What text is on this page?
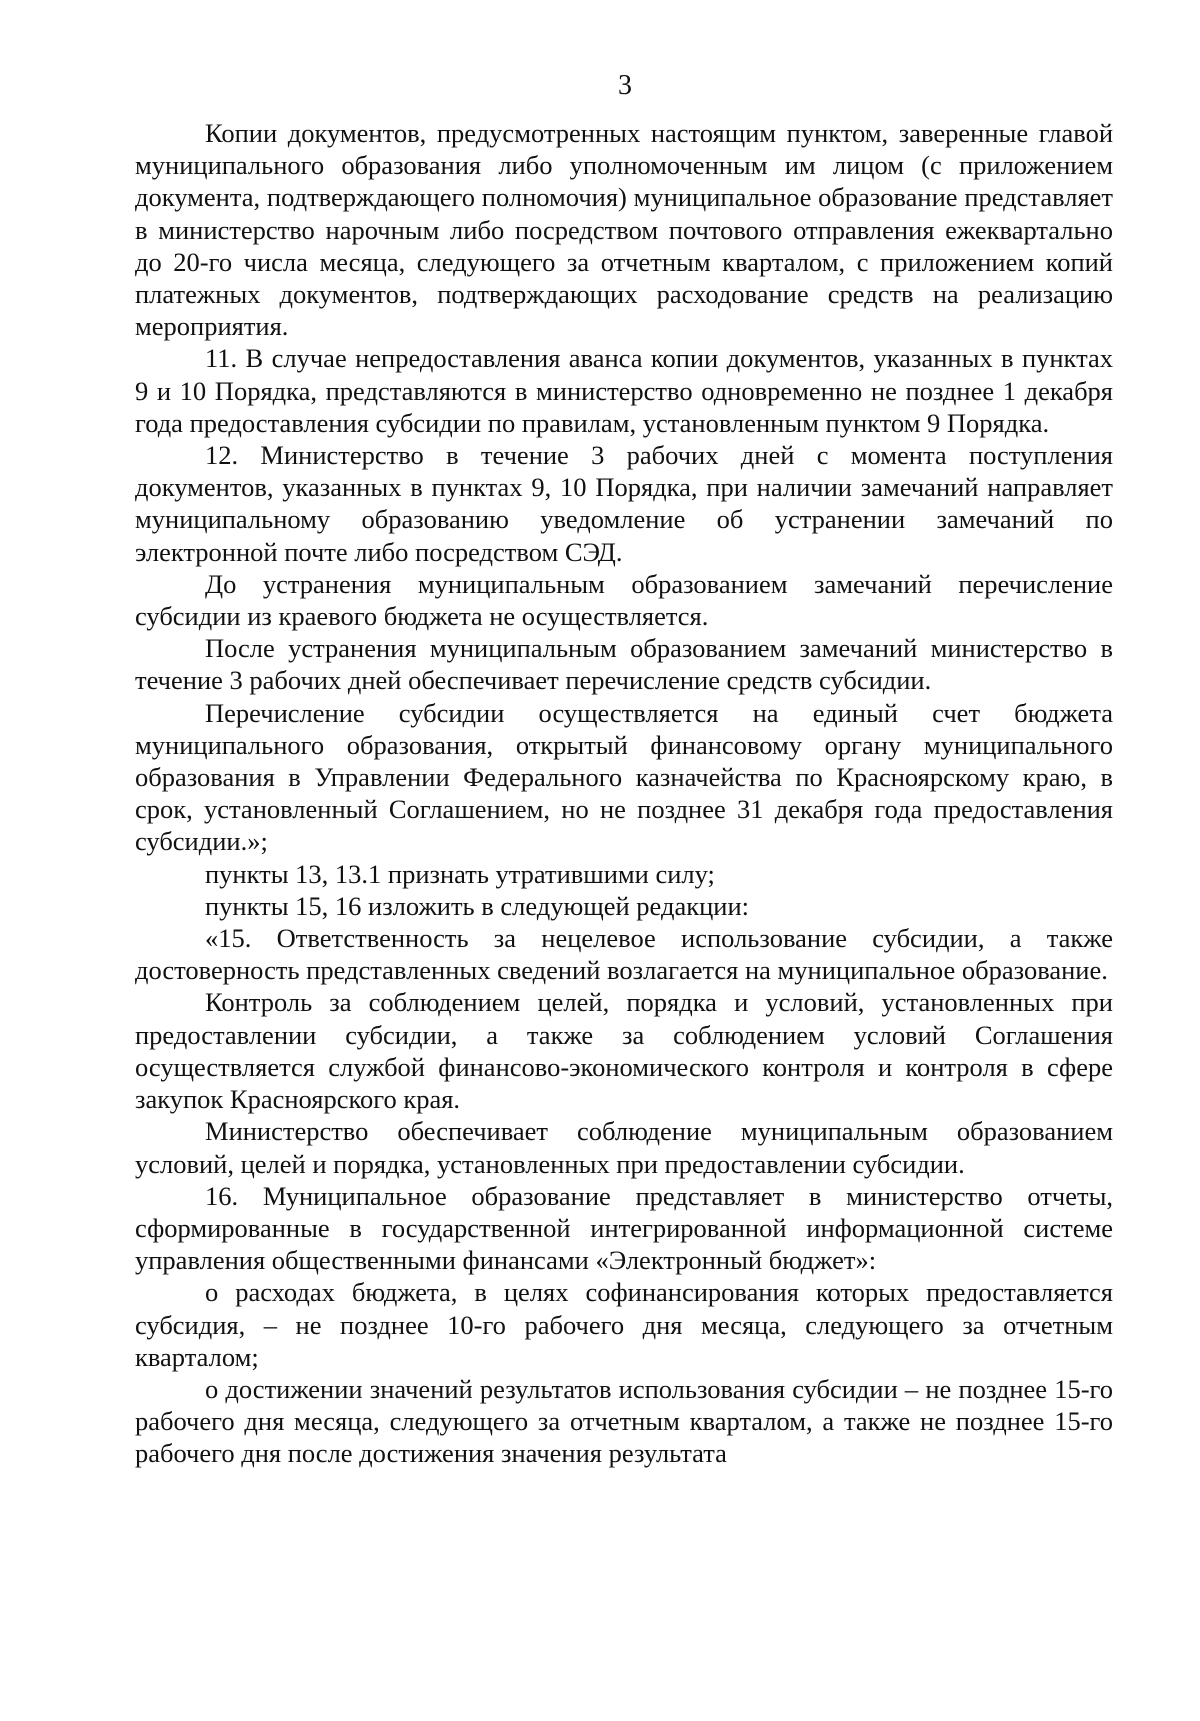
3

Копии документов, предусмотренных настоящим пунктом, заверенные главой муниципального образования либо уполномоченным им лицом (с приложением документа, подтверждающего полномочия) муниципальное образование представляет в министерство нарочным либо посредством почтового отправления ежеквартально до 20-го числа месяца, следующего за отчетным кварталом, с приложением копий платежных документов, подтверждающих расходование средств на реализацию мероприятия.

11. В случае непредоставления аванса копии документов, указанных в пунктах 9 и 10 Порядка, представляются в министерство одновременно не позднее 1 декабря года предоставления субсидии по правилам, установленным пунктом 9 Порядка.

12. Министерство в течение 3 рабочих дней с момента поступления документов, указанных в пунктах 9, 10 Порядка, при наличии замечаний направляет муниципальному образованию уведомление об устранении замечаний по электронной почте либо посредством СЭД.

До устранения муниципальным образованием замечаний перечисление субсидии из краевого бюджета не осуществляется.

После устранения муниципальным образованием замечаний министерство в течение 3 рабочих дней обеспечивает перечисление средств субсидии.

Перечисление субсидии осуществляется на единый счет бюджета муниципального образования, открытый финансовому органу муниципального образования в Управлении Федерального казначейства по Красноярскому краю, в срок, установленный Соглашением, но не позднее 31 декабря года предоставления субсидии.»;

пункты 13, 13.1 признать утратившими силу;

пункты 15, 16 изложить в следующей редакции:

«15. Ответственность за нецелевое использование субсидии, а также достоверность представленных сведений возлагается на муниципальное образование.

Контроль за соблюдением целей, порядка и условий, установленных при предоставлении субсидии, а также за соблюдением условий Соглашения осуществляется службой финансово-экономического контроля и контроля в сфере закупок Красноярского края.

Министерство обеспечивает соблюдение муниципальным образованием условий, целей и порядка, установленных при предоставлении субсидии.

16. Муниципальное образование представляет в министерство отчеты, сформированные в государственной интегрированной информационной системе управления общественными финансами «Электронный бюджет»:

о расходах бюджета, в целях софинансирования которых предоставляется субсидия, – не позднее 10-го рабочего дня месяца, следующего за отчетным кварталом;

о достижении значений результатов использования субсидии – не позднее 15-го рабочего дня месяца, следующего за отчетным кварталом, а также не позднее 15-го рабочего дня после достижения значения результата
